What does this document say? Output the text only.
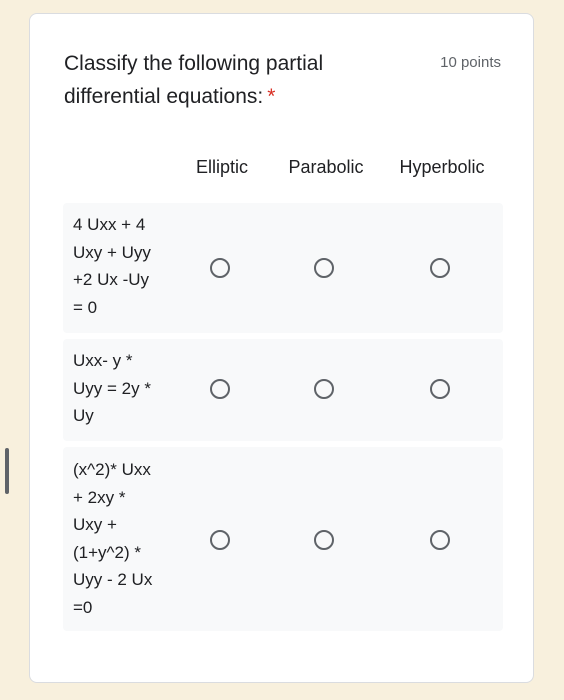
Classify the following partial differential equations: *
10 points
Elliptic Parabolic Hyperbolic
4 Uxx + 4
Uxy + Uyy
+2 Ux -Uy
= 0
Uxx- y *
Uyy = 2y *
Uy
(x^2)* Uxx
+ 2xy *
Uxy +
(1+y^2) *
Uyy - 2 Ux
=0
